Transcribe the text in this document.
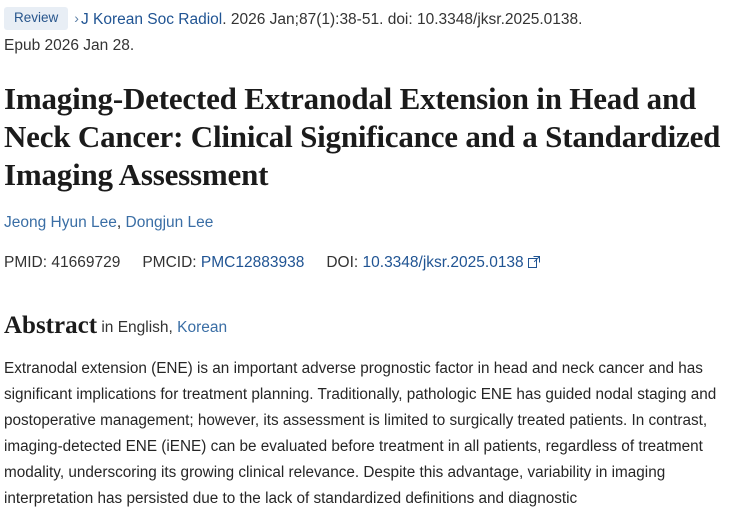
Review › J Korean Soc Radiol. 2026 Jan;87(1):38-51. doi: 10.3348/jksr.2025.0138.
Epub 2026 Jan 28.
Imaging-Detected Extranodal Extension in Head and Neck Cancer: Clinical Significance and a Standardized Imaging Assessment
Jeong Hyun Lee, Dongjun Lee
PMID: 41669729 PMCID: PMC12883938 DOI: 10.3348/jksr.2025.0138
Abstract in English, Korean

Extranodal extension (ENE) is an important adverse prognostic factor in head and neck cancer and has significant implications for treatment planning. Traditionally, pathologic ENE has guided nodal staging and postoperative management; however, its assessment is limited to surgically treated patients. In contrast, imaging-detected ENE (iENE) can be evaluated before treatment in all patients, regardless of treatment modality, underscoring its growing clinical relevance. Despite this advantage, variability in imaging interpretation has persisted due to the lack of standardized definitions and diagnostic
